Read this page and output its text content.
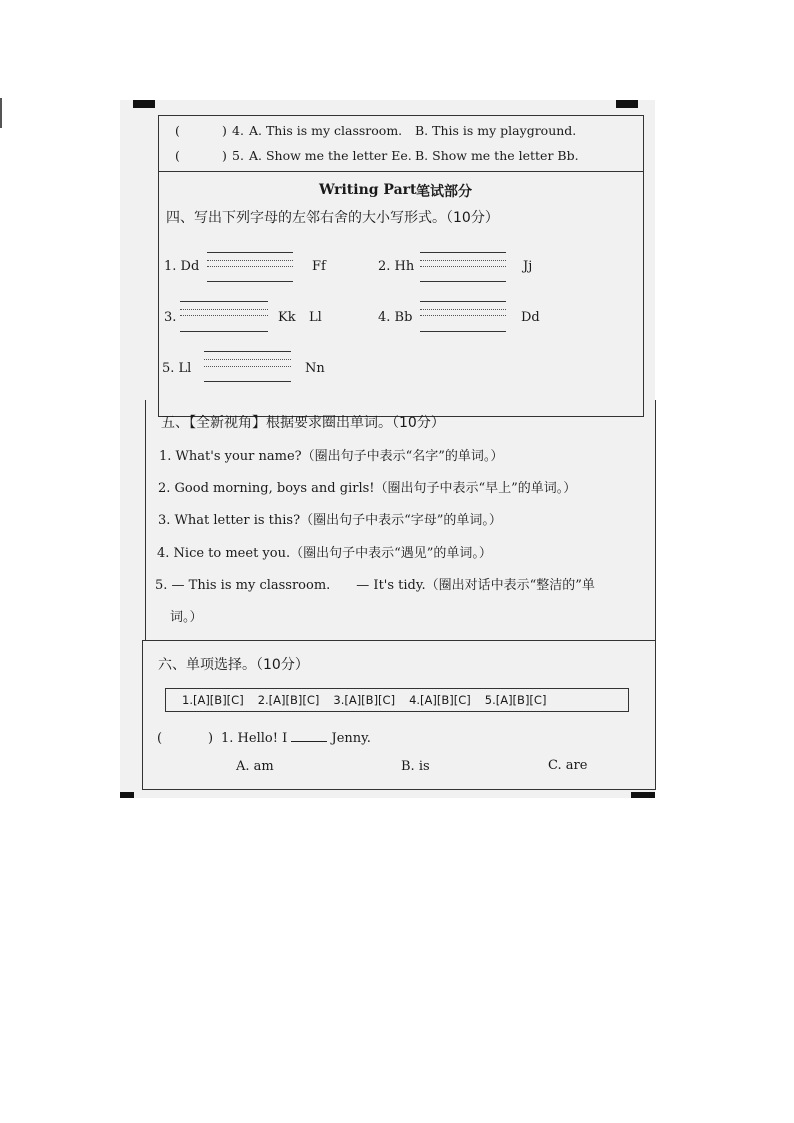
(	) 4. A. This is my classroom. B. This is my playground.
(	) 5. A. Show me the letter Ee. B. Show me the letter Bb.
Writing Part 笔试部分
四、写出下列字母的左邻右舍的大小写形式。（10分）
1. Dd	Ff	2. Hh	Jj
3.	Kk Ll	4. Bb	Dd
5. Ll	Nn
五、【全新视角】根据要求圈出单词。（10分）
1. What's your name?（圈出句子中表示“名字”的单词。）
2. Good morning, boys and girls!（圈出句子中表示“早上”的单词。）
3. What letter is this?（圈出句子中表示“字母”的单词。）
4. Nice to meet you.（圈出句子中表示“遇见”的单词。）
5. — This is my classroom.　　— It's tidy.（圈出对话中表示“整洁的”单
词。）
六、单项选择。（10分）
1.[A][B][C] 2.[A][B][C] 3.[A][B][C] 4.[A][B][C] 5.[A][B][C]
(	) 1. Hello! I	Jenny.
A. am	B. is	C. are
